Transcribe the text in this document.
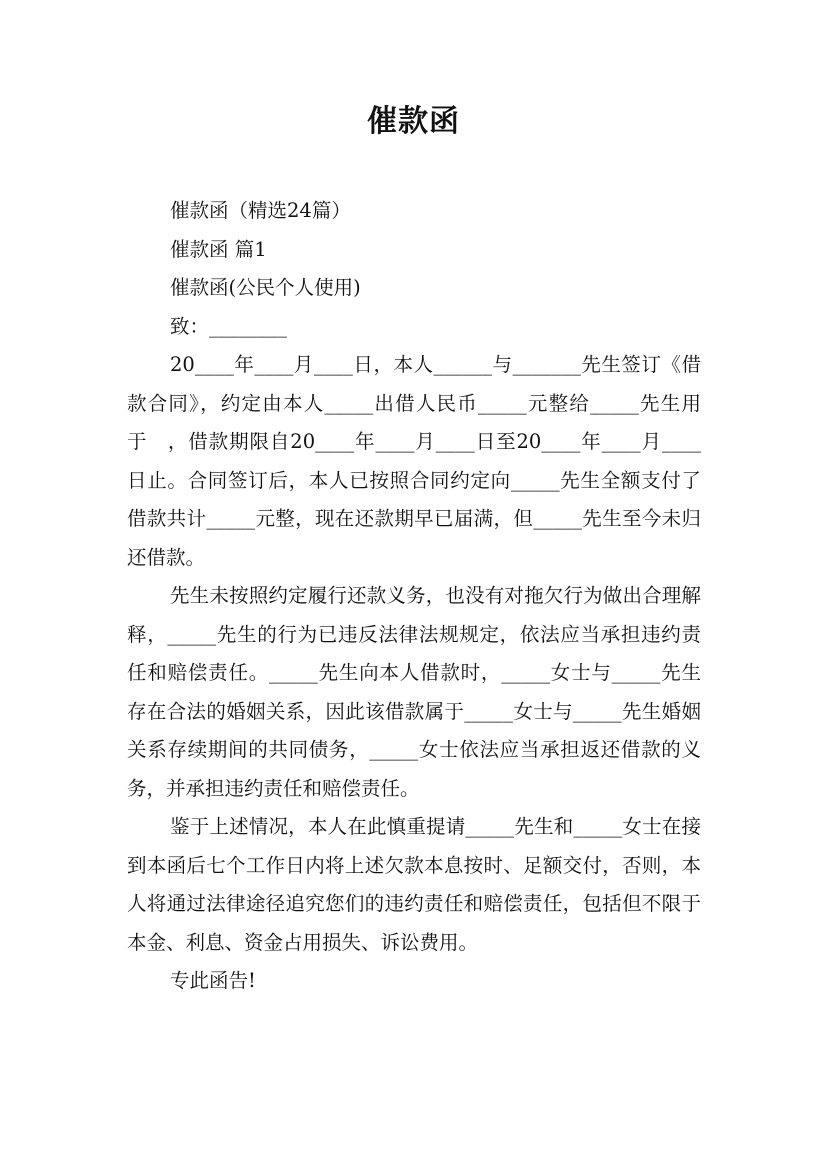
催款函

催款函（精选24篇）

催款函 篇1

催款函(公民个人使用)

致：________

20____年____月____日，本人______与_______先生签订《借款合同》，约定由本人_____出借人民币_____元整给_____先生用于　，借款期限自20____年____月____日至20____年____月____日止。合同签订后，本人已按照合同约定向_____先生全额支付了借款共计_____元整，现在还款期早已届满，但_____先生至今未归还借款。

先生未按照约定履行还款义务，也没有对拖欠行为做出合理解释，_____先生的行为已违反法律法规规定，依法应当承担违约责任和赔偿责任。_____先生向本人借款时，_____女士与_____先生存在合法的婚姻关系，因此该借款属于_____女士与_____先生婚姻关系存续期间的共同债务，_____女士依法应当承担返还借款的义务，并承担违约责任和赔偿责任。

鉴于上述情况，本人在此慎重提请_____先生和_____女士在接到本函后七个工作日内将上述欠款本息按时、足额交付，否则，本人将通过法律途径追究您们的违约责任和赔偿责任，包括但不限于本金、利息、资金占用损失、诉讼费用。

专此函告!
